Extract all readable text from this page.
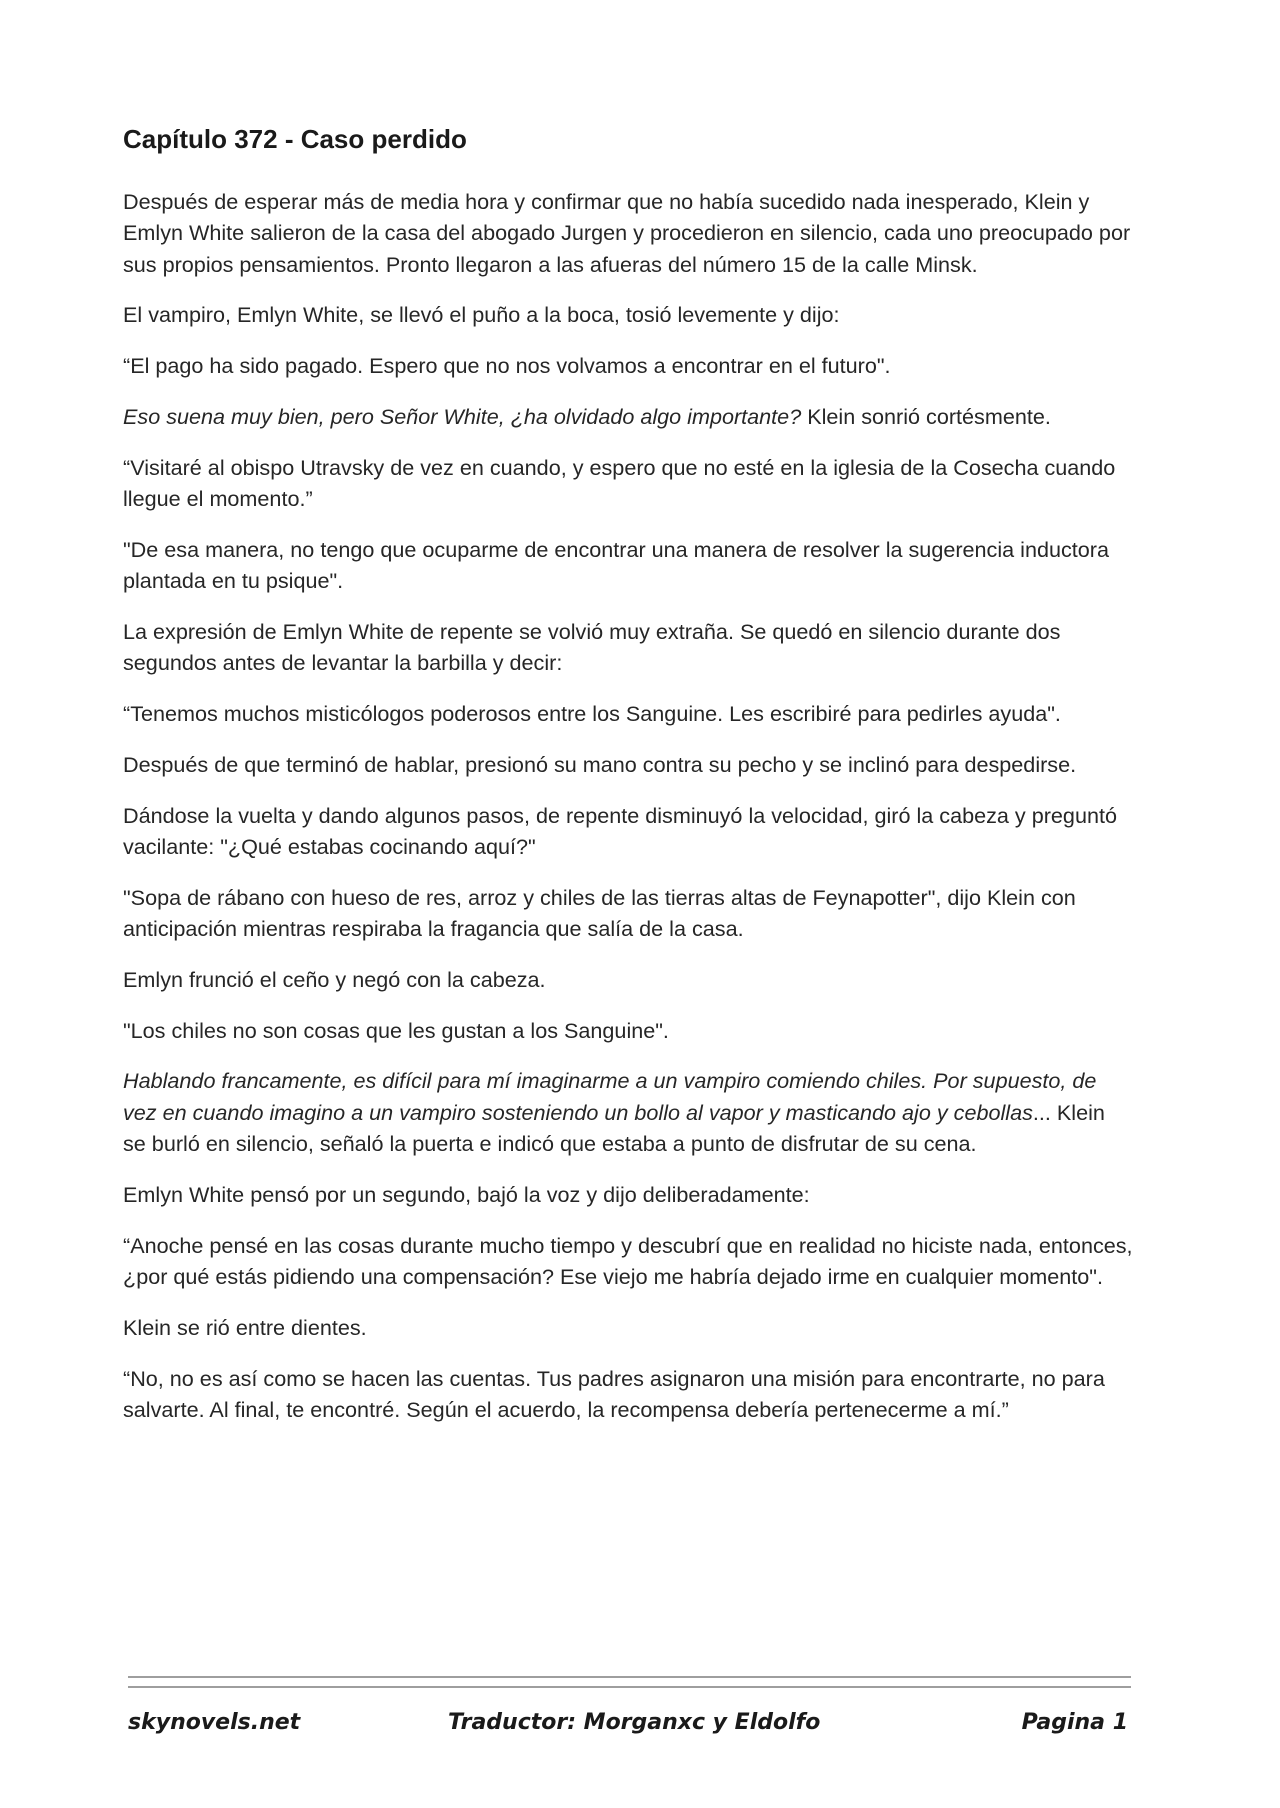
Capítulo 372 - Caso perdido

Después de esperar más de media hora y confirmar que no había sucedido nada inesperado, Klein y Emlyn White salieron de la casa del abogado Jurgen y procedieron en silencio, cada uno preocupado por sus propios pensamientos. Pronto llegaron a las afueras del número 15 de la calle Minsk.

El vampiro, Emlyn White, se llevó el puño a la boca, tosió levemente y dijo:

“El pago ha sido pagado. Espero que no nos volvamos a encontrar en el futuro".

Eso suena muy bien, pero Señor White, ¿ha olvidado algo importante? Klein sonrió cortésmente.

“Visitaré al obispo Utravsky de vez en cuando, y espero que no esté en la iglesia de la Cosecha cuando llegue el momento.”

"De esa manera, no tengo que ocuparme de encontrar una manera de resolver la sugerencia inductora plantada en tu psique".

La expresión de Emlyn White de repente se volvió muy extraña. Se quedó en silencio durante dos segundos antes de levantar la barbilla y decir:

“Tenemos muchos misticólogos poderosos entre los Sanguine. Les escribiré para pedirles ayuda".

Después de que terminó de hablar, presionó su mano contra su pecho y se inclinó para despedirse.

Dándose la vuelta y dando algunos pasos, de repente disminuyó la velocidad, giró la cabeza y preguntó vacilante: "¿Qué estabas cocinando aquí?"

"Sopa de rábano con hueso de res, arroz y chiles de las tierras altas de Feynapotter", dijo Klein con anticipación mientras respiraba la fragancia que salía de la casa.

Emlyn frunció el ceño y negó con la cabeza.

"Los chiles no son cosas que les gustan a los Sanguine".

Hablando francamente, es difícil para mí imaginarme a un vampiro comiendo chiles. Por supuesto, de vez en cuando imagino a un vampiro sosteniendo un bollo al vapor y masticando ajo y cebollas... Klein se burló en silencio, señaló la puerta e indicó que estaba a punto de disfrutar de su cena.

Emlyn White pensó por un segundo, bajó la voz y dijo deliberadamente:

“Anoche pensé en las cosas durante mucho tiempo y descubrí que en realidad no hiciste nada, entonces, ¿por qué estás pidiendo una compensación? Ese viejo me habría dejado irme en cualquier momento".

Klein se rió entre dientes.

“No, no es así como se hacen las cuentas. Tus padres asignaron una misión para encontrarte, no para salvarte. Al final, te encontré. Según el acuerdo, la recompensa debería pertenecerme a mí.”

skynovels.net	Traductor: Morganxc y Eldolfo	Pagina 1
